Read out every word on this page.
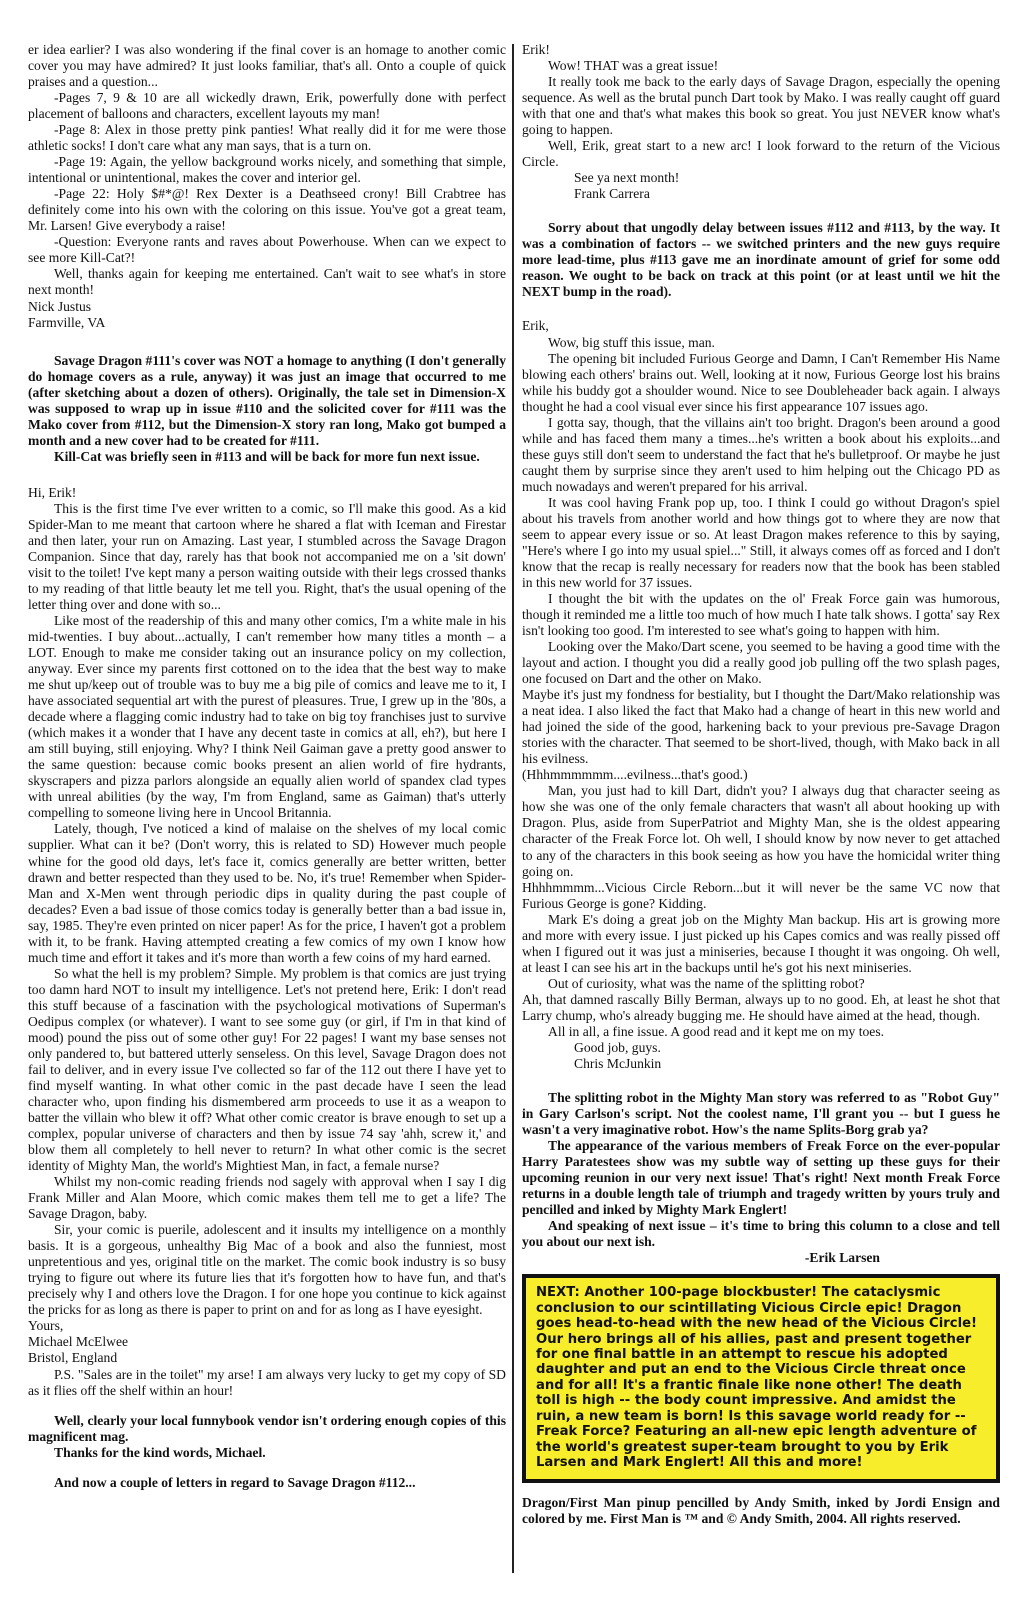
er idea earlier? I was also wondering if the final cover is an homage to another comic cover you may have admired? It just looks familiar, that's all. Onto a couple of quick praises and a question...

-Pages 7, 9 & 10 are all wickedly drawn, Erik, powerfully done with perfect placement of balloons and characters, excellent layouts my man!

-Page 8: Alex in those pretty pink panties! What really did it for me were those athletic socks! I don't care what any man says, that is a turn on.

-Page 19: Again, the yellow background works nicely, and something that simple, intentional or unintentional, makes the cover and interior gel.

-Page 22: Holy $#*@! Rex Dexter is a Deathseed crony! Bill Crabtree has definitely come into his own with the coloring on this issue. You've got a great team, Mr. Larsen! Give everybody a raise!

-Question: Everyone rants and raves about Powerhouse. When can we expect to see more Kill-Cat?!

Well, thanks again for keeping me entertained. Can't wait to see what's in store next month!

Nick Justus

Farmville, VA

Savage Dragon #111's cover was NOT a homage to anything (I don't generally do homage covers as a rule, anyway) it was just an image that occurred to me (after sketching about a dozen of others). Originally, the tale set in Dimension-X was supposed to wrap up in issue #110 and the solicited cover for #111 was the Mako cover from #112, but the Dimension-X story ran long, Mako got bumped a month and a new cover had to be created for #111.

Kill-Cat was briefly seen in #113 and will be back for more fun next issue.

Hi, Erik!

This is the first time I've ever written to a comic, so I'll make this good. As a kid Spider-Man to me meant that cartoon where he shared a flat with Iceman and Firestar and then later, your run on Amazing. Last year, I stumbled across the Savage Dragon Companion. Since that day, rarely has that book not accompanied me on a 'sit down' visit to the toilet! I've kept many a person waiting outside with their legs crossed thanks to my reading of that little beauty let me tell you. Right, that's the usual opening of the letter thing over and done with so...

Like most of the readership of this and many other comics, I'm a white male in his mid-twenties. I buy about...actually, I can't remember how many titles a month – a LOT. Enough to make me consider taking out an insurance policy on my collection, anyway. Ever since my parents first cottoned on to the idea that the best way to make me shut up/keep out of trouble was to buy me a big pile of comics and leave me to it, I have associated sequential art with the purest of pleasures. True, I grew up in the '80s, a decade where a flagging comic industry had to take on big toy franchises just to survive (which makes it a wonder that I have any decent taste in comics at all, eh?), but here I am still buying, still enjoying. Why? I think Neil Gaiman gave a pretty good answer to the same question: because comic books present an alien world of fire hydrants, skyscrapers and pizza parlors alongside an equally alien world of spandex clad types with unreal abilities (by the way, I'm from England, same as Gaiman) that's utterly compelling to someone living here in Uncool Britannia.

Lately, though, I've noticed a kind of malaise on the shelves of my local comic supplier. What can it be? (Don't worry, this is related to SD) However much people whine for the good old days, let's face it, comics generally are better written, better drawn and better respected than they used to be. No, it's true! Remember when Spider-Man and X-Men went through periodic dips in quality during the past couple of decades? Even a bad issue of those comics today is generally better than a bad issue in, say, 1985. They're even printed on nicer paper! As for the price, I haven't got a problem with it, to be frank. Having attempted creating a few comics of my own I know how much time and effort it takes and it's more than worth a few coins of my hard earned.

So what the hell is my problem? Simple. My problem is that comics are just trying too damn hard NOT to insult my intelligence. Let's not pretend here, Erik: I don't read this stuff because of a fascination with the psychological motivations of Superman's Oedipus complex (or whatever). I want to see some guy (or girl, if I'm in that kind of mood) pound the piss out of some other guy! For 22 pages! I want my base senses not only pandered to, but battered utterly senseless. On this level, Savage Dragon does not fail to deliver, and in every issue I've collected so far of the 112 out there I have yet to find myself wanting. In what other comic in the past decade have I seen the lead character who, upon finding his dismembered arm proceeds to use it as a weapon to batter the villain who blew it off? What other comic creator is brave enough to set up a complex, popular universe of characters and then by issue 74 say 'ahh, screw it,' and blow them all completely to hell never to return? In what other comic is the secret identity of Mighty Man, the world's Mightiest Man, in fact, a female nurse?

Whilst my non-comic reading friends nod sagely with approval when I say I dig Frank Miller and Alan Moore, which comic makes them tell me to get a life? The Savage Dragon, baby.

Sir, your comic is puerile, adolescent and it insults my intelligence on a monthly basis. It is a gorgeous, unhealthy Big Mac of a book and also the funniest, most unpretentious and yes, original title on the market. The comic book industry is so busy trying to figure out where its future lies that it's forgotten how to have fun, and that's precisely why I and others love the Dragon. I for one hope you continue to kick against the pricks for as long as there is paper to print on and for as long as I have eyesight.

Yours,

Michael McElwee

Bristol, England

P.S. "Sales are in the toilet" my arse! I am always very lucky to get my copy of SD as it flies off the shelf within an hour!

Well, clearly your local funnybook vendor isn't ordering enough copies of this magnificent mag.

Thanks for the kind words, Michael.

And now a couple of letters in regard to Savage Dragon #112...

Erik!

Wow! THAT was a great issue!

It really took me back to the early days of Savage Dragon, especially the opening sequence. As well as the brutal punch Dart took by Mako. I was really caught off guard with that one and that's what makes this book so great. You just NEVER know what's going to happen.

Well, Erik, great start to a new arc! I look forward to the return of the Vicious Circle.

See ya next month!

Frank Carrera

Sorry about that ungodly delay between issues #112 and #113, by the way. It was a combination of factors -- we switched printers and the new guys require more lead-time, plus #113 gave me an inordinate amount of grief for some odd reason. We ought to be back on track at this point (or at least until we hit the NEXT bump in the road).

Erik,

Wow, big stuff this issue, man.

The opening bit included Furious George and Damn, I Can't Remember His Name blowing each others' brains out. Well, looking at it now, Furious George lost his brains while his buddy got a shoulder wound. Nice to see Doubleheader back again. I always thought he had a cool visual ever since his first appearance 107 issues ago.

I gotta say, though, that the villains ain't too bright. Dragon's been around a good while and has faced them many a times...he's written a book about his exploits...and these guys still don't seem to understand the fact that he's bulletproof. Or maybe he just caught them by surprise since they aren't used to him helping out the Chicago PD as much nowadays and weren't prepared for his arrival.

It was cool having Frank pop up, too. I think I could go without Dragon's spiel about his travels from another world and how things got to where they are now that seem to appear every issue or so. At least Dragon makes reference to this by saying, "Here's where I go into my usual spiel..." Still, it always comes off as forced and I don't know that the recap is really necessary for readers now that the book has been stabled in this new world for 37 issues.

I thought the bit with the updates on the ol' Freak Force gain was humorous, though it reminded me a little too much of how much I hate talk shows. I gotta' say Rex isn't looking too good. I'm interested to see what's going to happen with him.

Looking over the Mako/Dart scene, you seemed to be having a good time with the layout and action. I thought you did a really good job pulling off the two splash pages, one focused on Dart and the other on Mako.

Maybe it's just my fondness for bestiality, but I thought the Dart/Mako relationship was a neat idea. I also liked the fact that Mako had a change of heart in this new world and had joined the side of the good, harkening back to your previous pre-Savage Dragon stories with the character. That seemed to be short-lived, though, with Mako back in all his evilness.

(Hhhmmmmmm....evilness...that's good.)

Man, you just had to kill Dart, didn't you? I always dug that character seeing as how she was one of the only female characters that wasn't all about hooking up with Dragon. Plus, aside from SuperPatriot and Mighty Man, she is the oldest appearing character of the Freak Force lot. Oh well, I should know by now never to get attached to any of the characters in this book seeing as how you have the homicidal writer thing going on.

Hhhhmmmm...Vicious Circle Reborn...but it will never be the same VC now that Furious George is gone? Kidding.

Mark E's doing a great job on the Mighty Man backup. His art is growing more and more with every issue. I just picked up his Capes comics and was really pissed off when I figured out it was just a miniseries, because I thought it was ongoing. Oh well, at least I can see his art in the backups until he's got his next miniseries.

Out of curiosity, what was the name of the splitting robot?

Ah, that damned rascally Billy Berman, always up to no good. Eh, at least he shot that Larry chump, who's already bugging me. He should have aimed at the head, though.

All in all, a fine issue. A good read and it kept me on my toes.

Good job, guys.

Chris McJunkin

The splitting robot in the Mighty Man story was referred to as "Robot Guy" in Gary Carlson's script. Not the coolest name, I'll grant you -- but I guess he wasn't a very imaginative robot. How's the name Splits-Borg grab ya?

The appearance of the various members of Freak Force on the ever-popular Harry Paratestees show was my subtle way of setting up these guys for their upcoming reunion in our very next issue! That's right! Next month Freak Force returns in a double length tale of triumph and tragedy written by yours truly and pencilled and inked by Mighty Mark Englert!

And speaking of next issue – it's time to bring this column to a close and tell you about our next ish.

-Erik Larsen

NEXT: Another 100-page blockbuster! The cataclysmic conclusion to our scintillating Vicious Circle epic! Dragon goes head-to-head with the new head of the Vicious Circle! Our hero brings all of his allies, past and present together for one final battle in an attempt to rescue his adopted daughter and put an end to the Vicious Circle threat once and for all! It's a frantic finale like none other! The death toll is high -- the body count impressive. And amidst the ruin, a new team is born! Is this savage world ready for -- Freak Force? Featuring an all-new epic length adventure of the world's greatest super-team brought to you by Erik Larsen and Mark Englert! All this and more!

Dragon/First Man pinup pencilled by Andy Smith, inked by Jordi Ensign and colored by me. First Man is ™ and © Andy Smith, 2004. All rights reserved.
